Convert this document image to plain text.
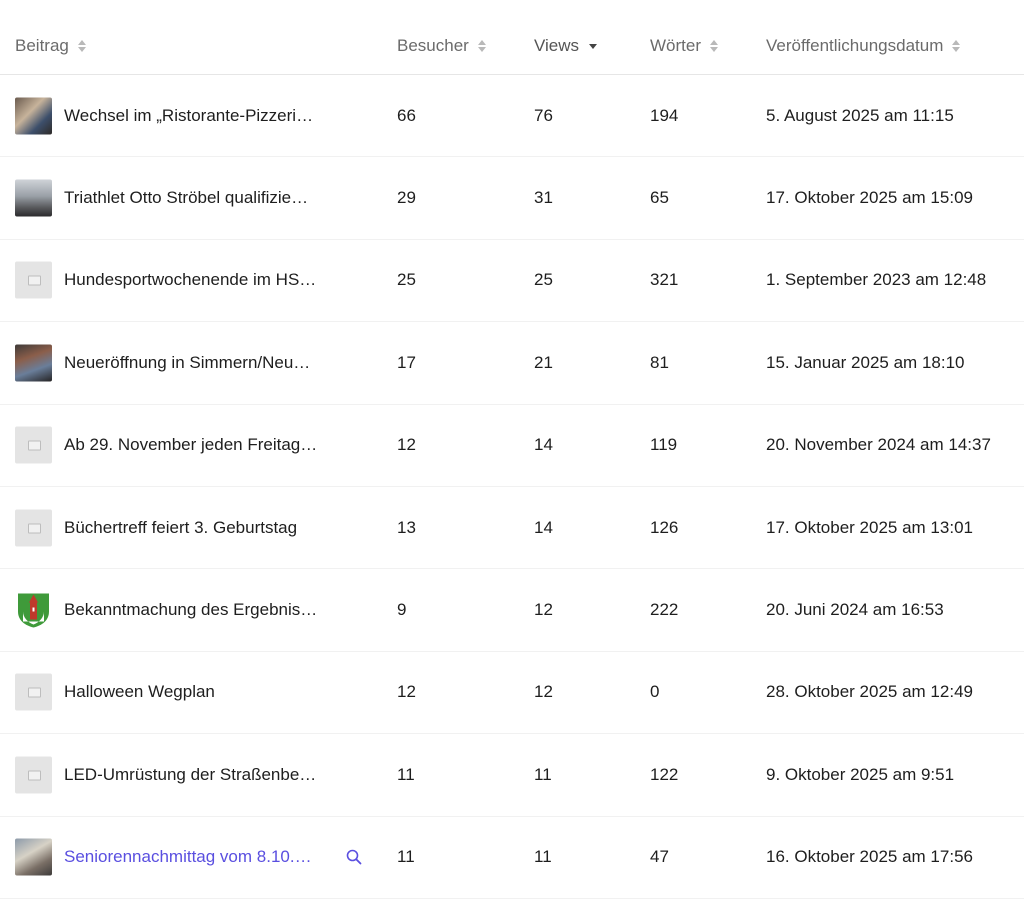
Beitrag	Besucher	Views	Wörter	Veröffentlichungsdatum
Wechsel im „Ristorante-Pizzeri…	66	76	194	5. August 2025 am 11:15
Triathlet Otto Ströbel qualifizie…	29	31	65	17. Oktober 2025 am 15:09
Hundesportwochenende im HS…	25	25	321	1. September 2023 am 12:48
Neueröffnung in Simmern/Neu…	17	21	81	15. Januar 2025 am 18:10
Ab 29. November jeden Freitag…	12	14	119	20. November 2024 am 14:37
Büchertreff feiert 3. Geburtstag	13	14	126	17. Oktober 2025 am 13:01
Bekanntmachung des Ergebnis…	9	12	222	20. Juni 2024 am 16:53
Halloween Wegplan	12	12	0	28. Oktober 2025 am 12:49
LED-Umrüstung der Straßenbe…	11	11	122	9. Oktober 2025 am 9:51
Seniorennachmittag vom 8.10.…	11	11	47	16. Oktober 2025 am 17:56
